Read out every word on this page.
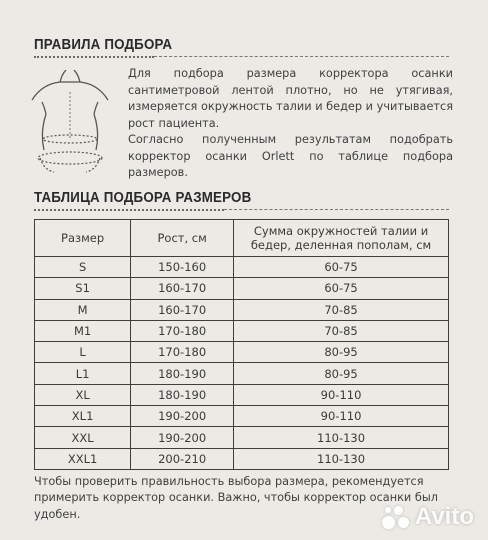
ПРАВИЛА ПОДБОРА

Для подбора размера корректора осанки сантиметровой лентой плотно, но не утягивая, измеряется окружность талии и бедер и учитывается рост пациента.

Согласно полученным результатам подобрать корректор осанки Orlett по таблице подбора размеров.

ТАБЛИЦА ПОДБОРА РАЗМЕРОВ
Размер	Рост, см	Сумма окружностей талии и бедер, деленная пополам, см
S	150-160	60-75
S1	160-170	60-75
M	160-170	70-85
M1	170-180	70-85
L	170-180	80-95
L1	180-190	80-95
XL	180-190	90-110
XL1	190-200	90-110
XXL	190-200	110-130
XXL1	200-210	110-130
Чтобы проверить правильность выбора размера, рекомендуется примерить корректор осанки. Важно, чтобы корректор осанки был удобен.	Avito
